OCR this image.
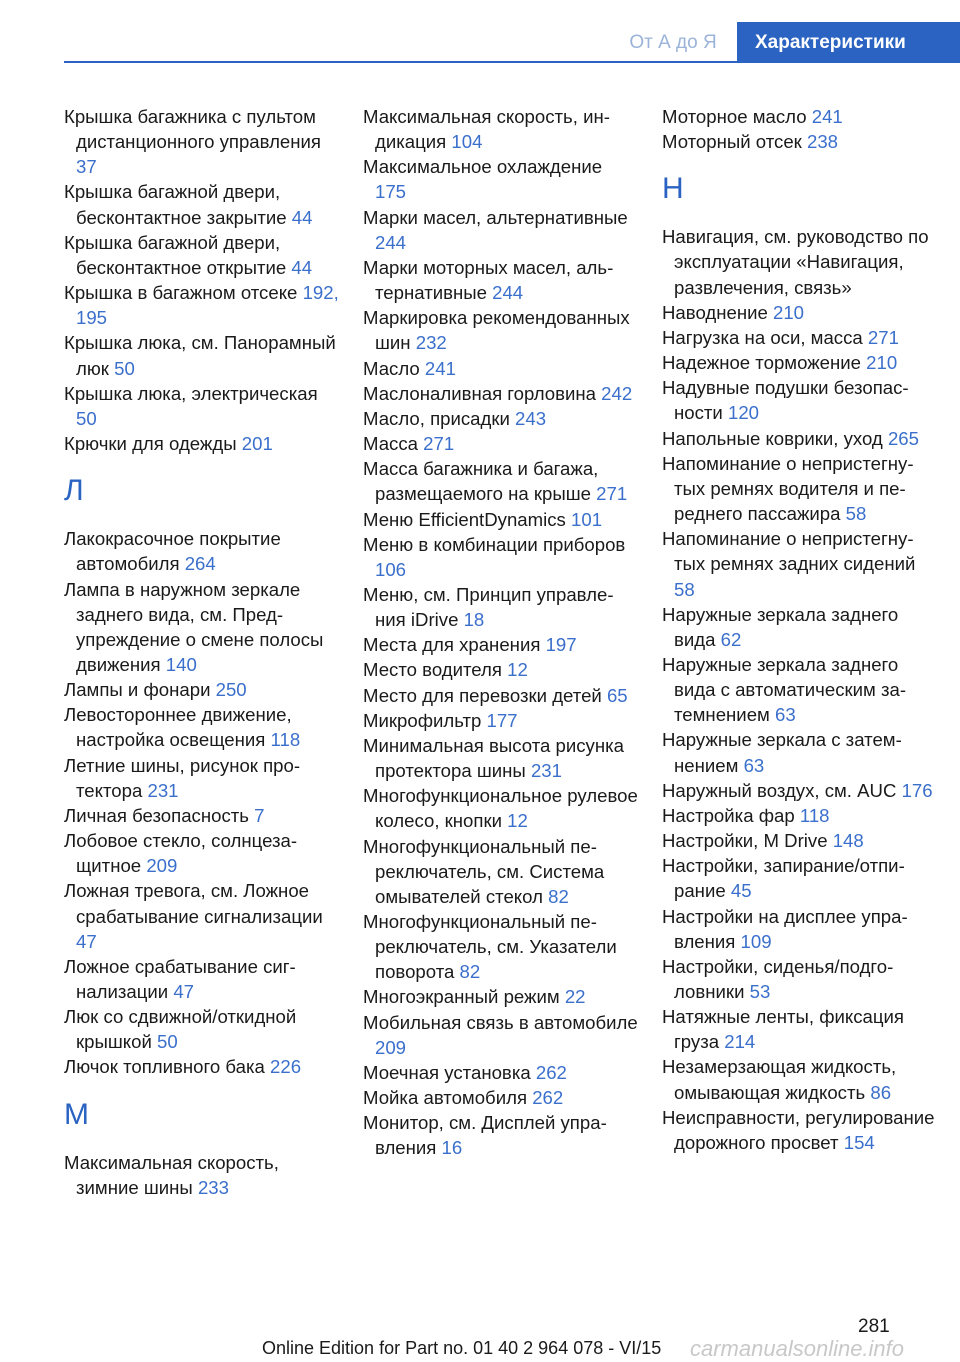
От А до Я	Характеристики

Крышка багажника с пультом дистанционного управления 37

Крышка багажной двери, бесконтактное закрытие 44

Крышка багажной двери, бесконтактное открытие 44

Крышка в багажном отсеке 192, 195

Крышка люка, см. Панорамный люк 50

Крышка люка, электрическая 50

Крючки для одежды 201

Л

Лакокрасочное покрытие автомобиля 264

Лампа в наружном зеркале заднего вида, см. Предупреждение о смене полосы движения 140

Лампы и фонари 250

Левостороннее движение, настройка освещения 118

Летние шины, рисунок протектора 231

Личная безопасность 7

Лобовое стекло, солнцезащитное 209

Ложная тревога, см. Ложное срабатывание сигнализации 47

Ложное срабатывание сигнализации 47

Люк со сдвижной/откидной крышкой 50

Лючок топливного бака 226

М

Максимальная скорость, зимние шины 233

Максимальная скорость, индикация 104

Максимальное охлаждение 175

Марки масел, альтернативные 244

Марки моторных масел, альтернативные 244

Маркировка рекомендованных шин 232

Масло 241

Маслоналивная горловина 242

Масло, присадки 243

Масса 271

Масса багажника и багажа, размещаемого на крыше 271

Меню EfficientDynamics 101

Меню в комбинации приборов 106

Меню, см. Принцип управления iDrive 18

Места для хранения 197

Место водителя 12

Место для перевозки детей 65

Микрофильтр 177

Минимальная высота рисунка протектора шины 231

Многофункциональное рулевое колесо, кнопки 12

Многофункциональный переключатель, см. Система омывателей стекол 82

Многофункциональный переключатель, см. Указатели поворота 82

Многоэкранный режим 22

Мобильная связь в автомобиле 209

Моечная установка 262

Мойка автомобиля 262

Монитор, см. Дисплей управления 16

Моторное масло 241

Моторный отсек 238

Н

Навигация, см. руководство по эксплуатации «Навигация, развлечения, связь»

Наводнение 210

Нагрузка на оси, масса 271

Надежное торможение 210

Надувные подушки безопасности 120

Напольные коврики, уход 265

Напоминание о непристегнутых ремнях водителя и переднего пассажира 58

Напоминание о непристегнутых ремнях задних сидений 58

Наружные зеркала заднего вида 62

Наружные зеркала заднего вида с автоматическим затемнением 63

Наружные зеркала с затемнением 63

Наружный воздух, см. AUC 176

Настройка фар 118

Настройки, M Drive 148

Настройки, запирание/отпирание 45

Настройки на дисплее управления 109

Настройки, сиденья/подголовники 53

Натяжные ленты, фиксация груза 214

Незамерзающая жидкость, омывающая жидкость 86

Неисправности, регулирование дорожного просвет 154

281
Online Edition for Part no. 01 40 2 964 078 - VI/15 carmanualsonline.info
